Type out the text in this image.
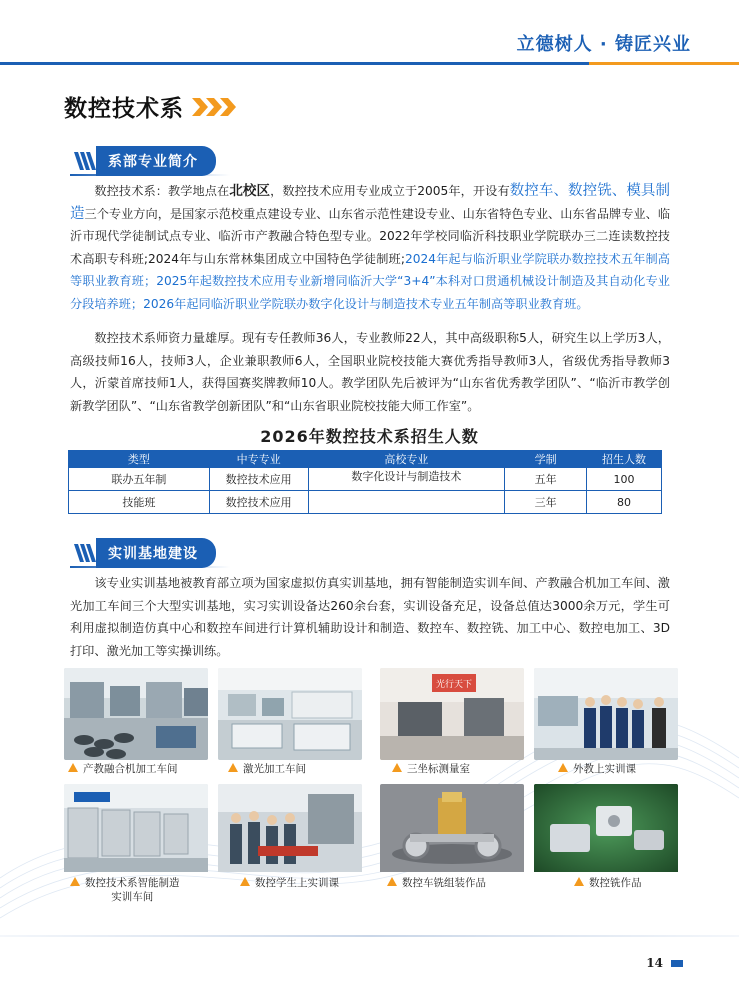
立德树人 · 铸匠兴业
数控技术系
系部专业简介
数控技术系：教学地点在北校区，数控技术应用专业成立于2005年，开设有数控车、数控铣、模具制造三个专业方向，是国家示范校重点建设专业、山东省示范性建设专业、山东省特色专业、山东省品牌专业、临沂市现代学徒制试点专业、临沂市产教融合特色型专业。2022年学校同临沂科技职业学院联办三二连读数控技术高职专科班;2024年与山东常林集团成立中国特色学徒制班;2024年起与临沂职业学院联办数控技术五年制高等职业教育班；2025年起数控技术应用专业新增同临沂大学“3+4”本科对口贯通机械设计制造及其自动化专业分段培养班；2026年起同临沂职业学院联办数字化设计与制造技术专业五年制高等职业教育班。
数控技术系师资力量雄厚。现有专任教师36人，专业教师22人，其中高级职称5人，研究生以上学历3人，高级技师16人，技师3人，企业兼职教师6人，全国职业院校技能大赛优秀指导教师3人，省级优秀指导教师3人，沂蒙首席技师1人，获得国赛奖牌教师10人。教学团队先后被评为“山东省优秀教学团队”、“临沂市教学创新教学团队”、“山东省教学创新团队”和“山东省职业院校技能大师工作室”。
2026年数控技术系招生人数
类型	中专专业	高校专业	学制	招生人数
联办五年制	数控技术应用	数字化设计与制造技术	五年	100
技能班	数控技术应用		三年	80
实训基地建设
该专业实训基地被教育部立项为国家虚拟仿真实训基地，拥有智能制造实训车间、产教融合机加工车间、激光加工车间三个大型实训基地，实习实训设备达260余台套，实训设备充足，设备总值达3000余万元，学生可利用虚拟制造仿真中心和数控车间进行计算机辅助设计和制造、数控车、数控铣、加工中心、数控电加工、3D打印、激光加工等实操训练。
光行天下
产教融合机加工车间	激光加工车间	三坐标测量室	外教上实训课
数控技术系智能制造
实训车间
数控学生上实训课	数控车铣组装作品	数控铣作品
14
